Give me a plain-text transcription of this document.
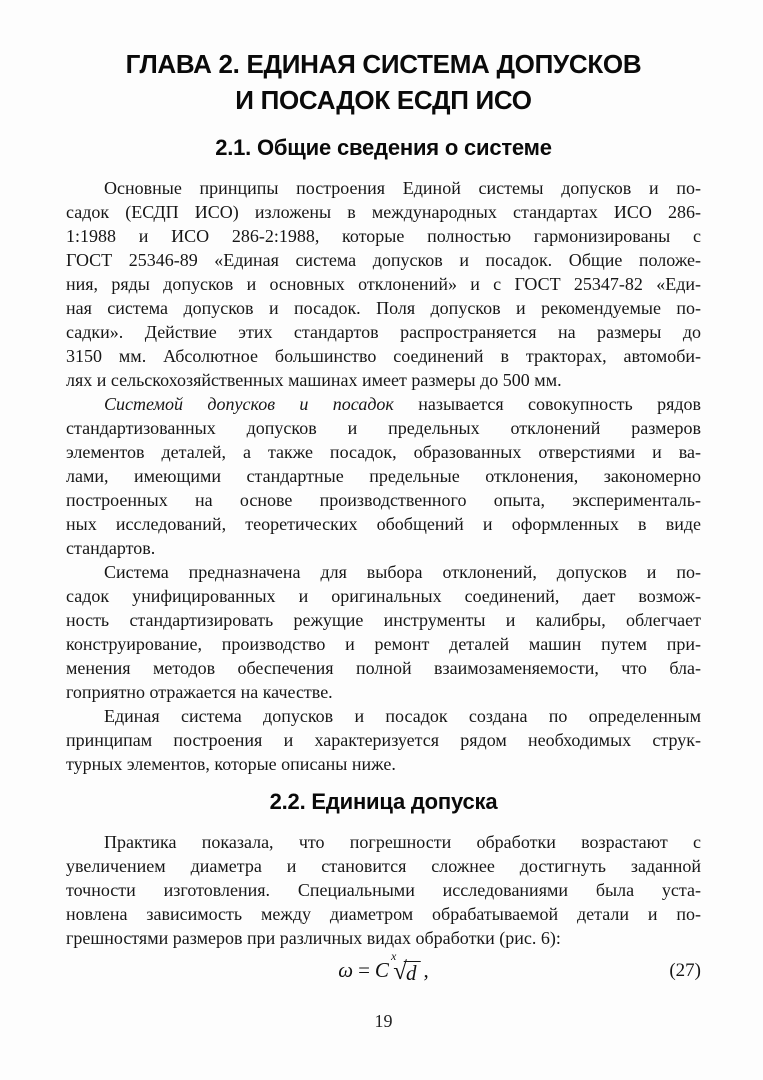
ГЛАВА 2. ЕДИНАЯ СИСТЕМА ДОПУСКОВ
И ПОСАДОК ЕСДП ИСО
2.1. Общие сведения о системе
Основные принципы построения Единой системы допусков и по-
садок (ЕСДП ИСО) изложены в международных стандартах ИСО 286-
1:1988 и ИСО 286-2:1988, которые полностью гармонизированы с
ГОСТ 25346-89 «Единая система допусков и посадок. Общие положе-
ния, ряды допусков и основных отклонений» и с ГОСТ 25347-82 «Еди-
ная система допусков и посадок. Поля допусков и рекомендуемые по-
садки». Действие этих стандартов распространяется на размеры до
3150 мм. Абсолютное большинство соединений в тракторах, автомоби-
лях и сельскохозяйственных машинах имеет размеры до 500 мм.
Системой допусков и посадок называется совокупность рядов
стандартизованных допусков и предельных отклонений размеров
элементов деталей, а также посадок, образованных отверстиями и ва-
лами, имеющими стандартные предельные отклонения, закономерно
построенных на основе производственного опыта, эксперименталь-
ных исследований, теоретических обобщений и оформленных в виде
стандартов.
Система предназначена для выбора отклонений, допусков и по-
садок унифицированных и оригинальных соединений, дает возмож-
ность стандартизировать режущие инструменты и калибры, облегчает
конструирование, производство и ремонт деталей машин путем при-
менения методов обеспечения полной взаимозаменяемости, что бла-
гоприятно отражается на качестве.
Единая система допусков и посадок создана по определенным
принципам построения и характеризуется рядом необходимых струк-
турных элементов, которые описаны ниже.
2.2. Единица допуска
Практика показала, что погрешности обработки возрастают с
увеличением диаметра и становится сложнее достигнуть заданной
точности изготовления. Специальными исследованиями была уста-
новлена зависимость между диаметром обрабатываемой детали и по-
грешностями размеров при различных видах обработки (рис. 6):
$\omega = C^x√d$ ,	(27)
19
